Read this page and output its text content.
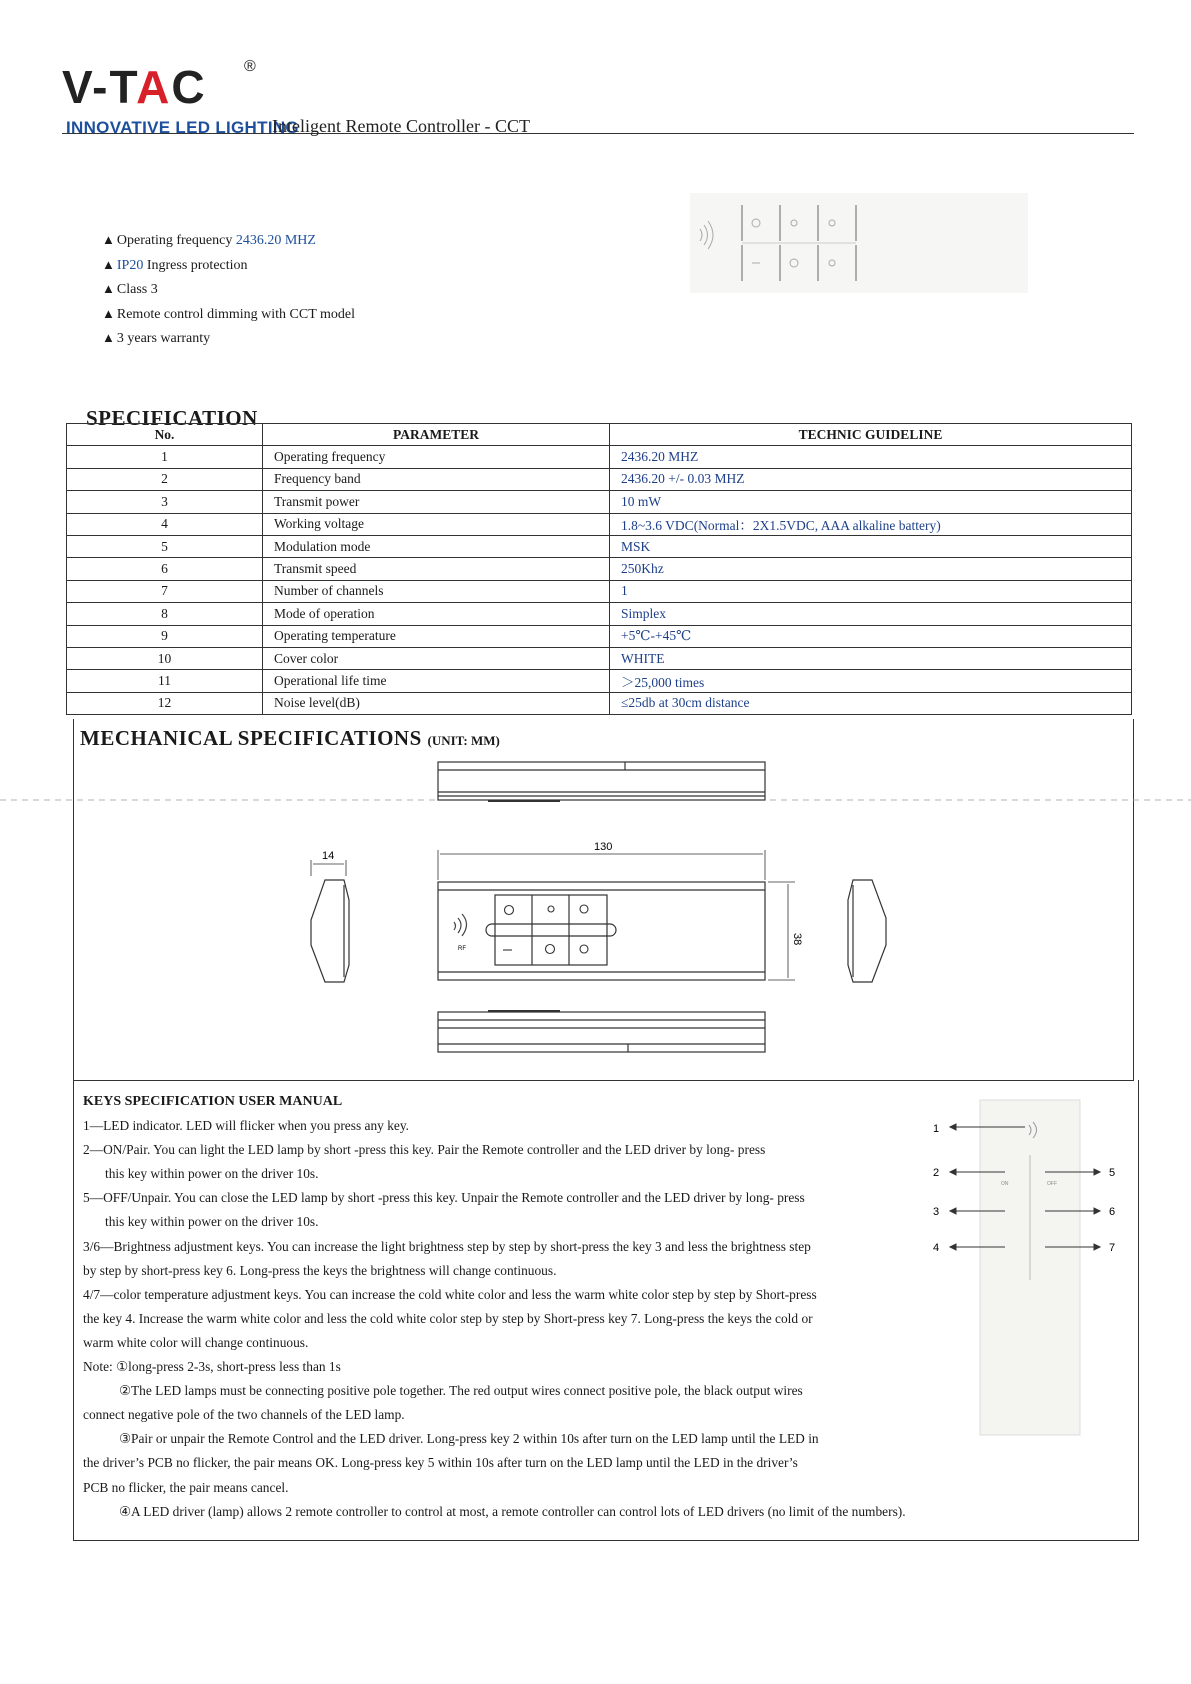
V-TAC ®
INNOVATIVE LED LIGHTING
Inteligent Remote Controller - CCT
▲ Operating frequency 2436.20 MHZ
▲ IP20 Ingress protection
▲ Class 3
▲ Remote control dimming with CCT model
▲ 3 years warranty
SPECIFICATION
No.	PARAMETER	TECHNIC GUIDELINE
1	Operating frequency	2436.20 MHZ
2	Frequency band	2436.20 +/- 0.03 MHZ
3	Transmit power	10 mW
4	Working voltage	1.8~3.6 VDC(Normal：2X1.5VDC, AAA alkaline battery)
5	Modulation mode	MSK
6	Transmit speed	250Khz
7	Number of channels	1
8	Mode of operation	Simplex
9	Operating temperature	+5℃-+45℃
10	Cover color	WHITE
11	Operational life time	＞25,000 times
12	Noise level(dB)	≤25db at 30cm distance
MECHANICAL SPECIFICATIONS (UNIT: MM)
130
14
38
RF
KEYS SPECIFICATION USER MANUAL
1—LED indicator. LED will flicker when you press any key.
2—ON/Pair. You can light the LED lamp by short -press this key. Pair the Remote controller and the LED driver by long- press
this key within power on the driver 10s.
5—OFF/Unpair. You can close the LED lamp by short -press this key. Unpair the Remote controller and the LED driver by long- press
this key within power on the driver 10s.
3/6—Brightness adjustment keys. You can increase the light brightness step by step by short-press the key 3 and less the brightness step
by step by short-press key 6. Long-press the keys the brightness will change continuous.
4/7—color temperature adjustment keys. You can increase the cold white color and less the warm white color step by step by Short-press
the key 4. Increase the warm white color and less the cold white color step by step by Short-press key 7. Long-press the keys the cold or
warm white color will change continuous.
Note: ①long-press 2-3s, short-press less than 1s
②The LED lamps must be connecting positive pole together. The red output wires connect positive pole, the black output wires
connect negative pole of the two channels of the LED lamp.
③Pair or unpair the Remote Control and the LED driver. Long-press key 2 within 10s after turn on the LED lamp until the LED in
the driver’s PCB no flicker, the pair means OK. Long-press key 5 within 10s after turn on the LED lamp until the LED in the driver’s
PCB no flicker, the pair means cancel.
④A LED driver (lamp) allows 2 remote controller to control at most, a remote controller can control lots of LED drivers (no limit of the numbers).
1
2
3
4
5
6
7
ON	OFF
